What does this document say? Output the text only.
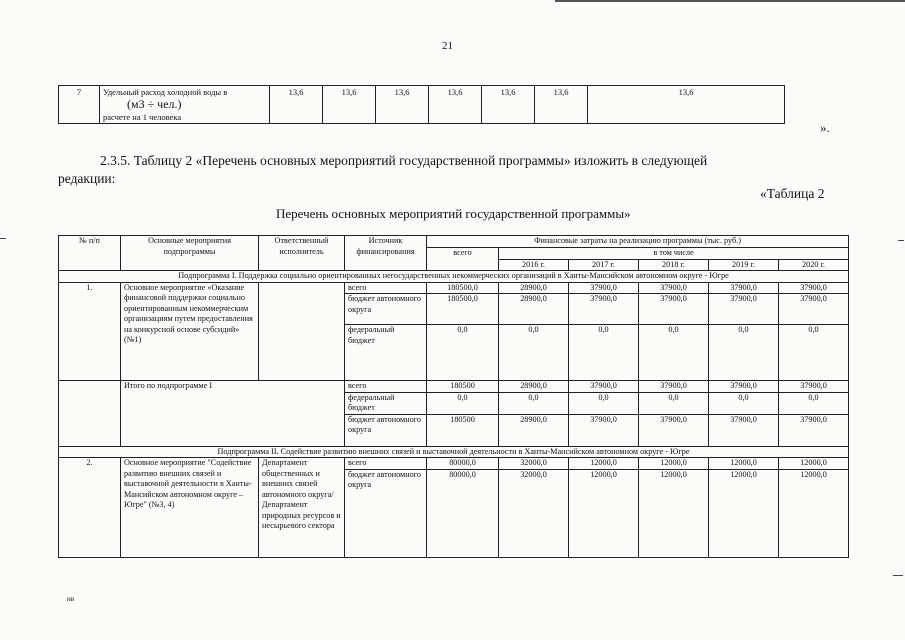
21
7	Удельный расход холодной воды в
(м3 ÷ чел.)
расчете на 1 человека	13,6	13,6	13,6	13,6	13,6	13,6	13,6
».
2.3.5. Таблицу 2 «Перечень основных мероприятий государственной программы» изложить в следующей
редакции:
«Таблица 2
Перечень основных мероприятий государственной программы»
№ п/п	Основные мероприятия подпрограммы	Ответственный исполнитель	Источник финансирования	Финансовые затраты на реализацию программы (тыс. руб.)					
				всего	в том числе				
					2016 г.	2017 г.	2018 г.	2019 г.	2020 г.
Подпрограмма I. Поддержка социально ориентированных негосударственных некоммерческих организаций в Ханты-Мансийском автономном округе - Югре									
1.	Основное мероприятие «Оказание финансовой поддержки социально ориентированным некоммерческим организациям путем предоставления на конкурсной основе субсидий» (№1)		всего	180500,0	28900,0	37900,0	37900,0	37900,0	37900,0
			бюджет автономного округа	180500,0	28900,0	37900,0	37900,0	37900,0	37900,0
			федеральный бюджет	0,0	0,0	0,0	0,0	0,0	0,0
	Итого по подпрограмме I		всего	180500	28900,0	37900,0	37900,0	37900,0	37900,0
			федеральный бюджет	0,0	0,0	0,0	0,0	0,0	0,0
			бюджет автономного округа	180500	28900,0	37900,0	37900,0	37900,0	37900,0
Подпрограмма II. Содействие развитию внешних связей и выставочной деятельности в Ханты-Мансийском автономном округе - Югре									
2.	Основное мероприятие "Содействие развитию внешних связей и выставочной деятельности в Ханты-Мансийском автономном округе – Югре" (№3, 4)	Департамент общественных и внешних связей автономного округа/Департамент природных ресурсов и несырьевого сектора	всего	80000,0	32000,0	12000,0	12000,0	12000,0	12000,0
			бюджет автономного округа	80000,0	32000,0	12000,0	12000,0	12000,0	12000,0
нв
